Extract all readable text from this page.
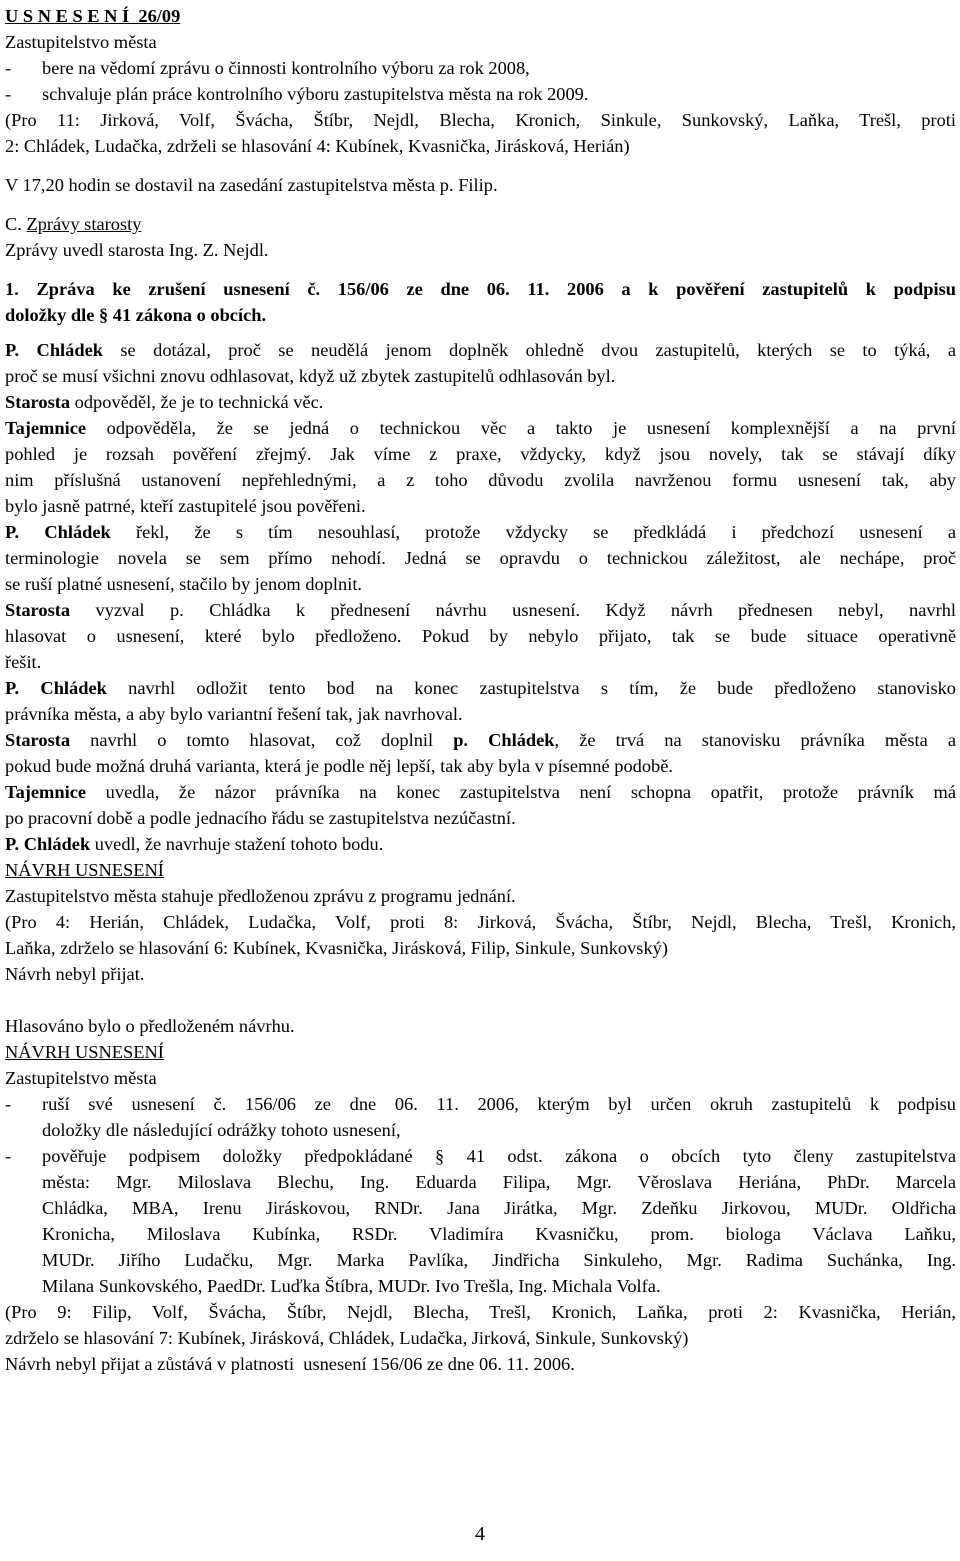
U S N E S E N Í  26/09
Zastupitelstvo města
-	bere na vědomí zprávu o činnosti kontrolního výboru za rok 2008,
-	schvaluje plán práce kontrolního výboru zastupitelstva města na rok 2009.
(Pro 11: Jirková, Volf, Švácha, Štíbr, Nejdl, Blecha, Kronich, Sinkule, Sunkovský, Laňka, Trešl, proti
2: Chládek, Ludačka, zdrželi se hlasování 4: Kubínek, Kvasnička, Jirásková, Herián)
V 17,20 hodin se dostavil na zasedání zastupitelstva města p. Filip.
C. Zprávy starosty
Zprávy uvedl starosta Ing. Z. Nejdl.
1. Zpráva ke zrušení usnesení č. 156/06 ze dne 06. 11. 2006 a k pověření zastupitelů k podpisu
doložky dle § 41 zákona o obcích.
P. Chládek se dotázal, proč se neudělá jenom doplněk ohledně dvou zastupitelů, kterých se to týká, a
proč se musí všichni znovu odhlasovat, když už zbytek zastupitelů odhlasován byl.
Starosta odpověděl, že je to technická věc.
Tajemnice odpověděla, že se jedná o technickou věc a takto je usnesení komplexnější a na první
pohled je rozsah pověření zřejmý. Jak víme z praxe, vždycky, když jsou novely, tak se stávají díky
nim příslušná ustanovení nepřehlednými, a z toho důvodu zvolila navrženou formu usnesení tak, aby
bylo jasně patrné, kteří zastupitelé jsou pověřeni.
P. Chládek řekl, že s tím nesouhlasí, protože vždycky se předkládá i předchozí usnesení a
terminologie novela se sem přímo nehodí. Jedná se opravdu o technickou záležitost, ale nechápe, proč
se ruší platné usnesení, stačilo by jenom doplnit.
Starosta vyzval p. Chládka k přednesení návrhu usnesení. Když návrh přednesen nebyl, navrhl
hlasovat o usnesení, které bylo předloženo. Pokud by nebylo přijato, tak se bude situace operativně
řešit.
P. Chládek navrhl odložit tento bod na konec zastupitelstva s tím, že bude předloženo stanovisko
právníka města, a aby bylo variantní řešení tak, jak navrhoval.
Starosta navrhl o tomto hlasovat, což doplnil p. Chládek, že trvá na stanovisku právníka města a
pokud bude možná druhá varianta, která je podle něj lepší, tak aby byla v písemné podobě.
Tajemnice uvedla, že názor právníka na konec zastupitelstva není schopna opatřit, protože právník má
po pracovní době a podle jednacího řádu se zastupitelstva nezúčastní.
P. Chládek uvedl, že navrhuje stažení tohoto bodu.
NÁVRH USNESENÍ
Zastupitelstvo města stahuje předloženou zprávu z programu jednání.
(Pro 4: Herián, Chládek, Ludačka, Volf, proti 8: Jirková, Švácha, Štíbr, Nejdl, Blecha, Trešl, Kronich,
Laňka, zdrželo se hlasování 6: Kubínek, Kvasnička, Jirásková, Filip, Sinkule, Sunkovský)
Návrh nebyl přijat.
Hlasováno bylo o předloženém návrhu.
NÁVRH USNESENÍ
Zastupitelstvo města
-	ruší své usnesení č. 156/06 ze dne 06. 11. 2006, kterým byl určen okruh zastupitelů k podpisu
doložky dle následující odrážky tohoto usnesení,
-	pověřuje podpisem doložky předpokládané § 41 odst. zákona o obcích tyto členy zastupitelstva
města: Mgr. Miloslava Blechu, Ing. Eduarda Filipa, Mgr. Věroslava Heriána, PhDr. Marcela
Chládka, MBA, Irenu Jiráskovou, RNDr. Jana Jirátka, Mgr. Zdeňku Jirkovou, MUDr. Oldřicha
Kronicha, Miloslava Kubínka, RSDr. Vladimíra Kvasničku, prom. biologa Václava Laňku,
MUDr. Jiřího Ludačku, Mgr. Marka Pavlíka, Jindřicha Sinkuleho, Mgr. Radima Suchánka, Ing.
Milana Sunkovského, PaedDr. Luďka Štíbra, MUDr. Ivo Trešla, Ing. Michala Volfa.
(Pro 9: Filip, Volf, Švácha, Štíbr, Nejdl, Blecha, Trešl, Kronich, Laňka, proti 2: Kvasnička, Herián,
zdrželo se hlasování 7: Kubínek, Jirásková, Chládek, Ludačka, Jirková, Sinkule, Sunkovský)
Návrh nebyl přijat a zůstává v platnosti  usnesení 156/06 ze dne 06. 11. 2006.
4
